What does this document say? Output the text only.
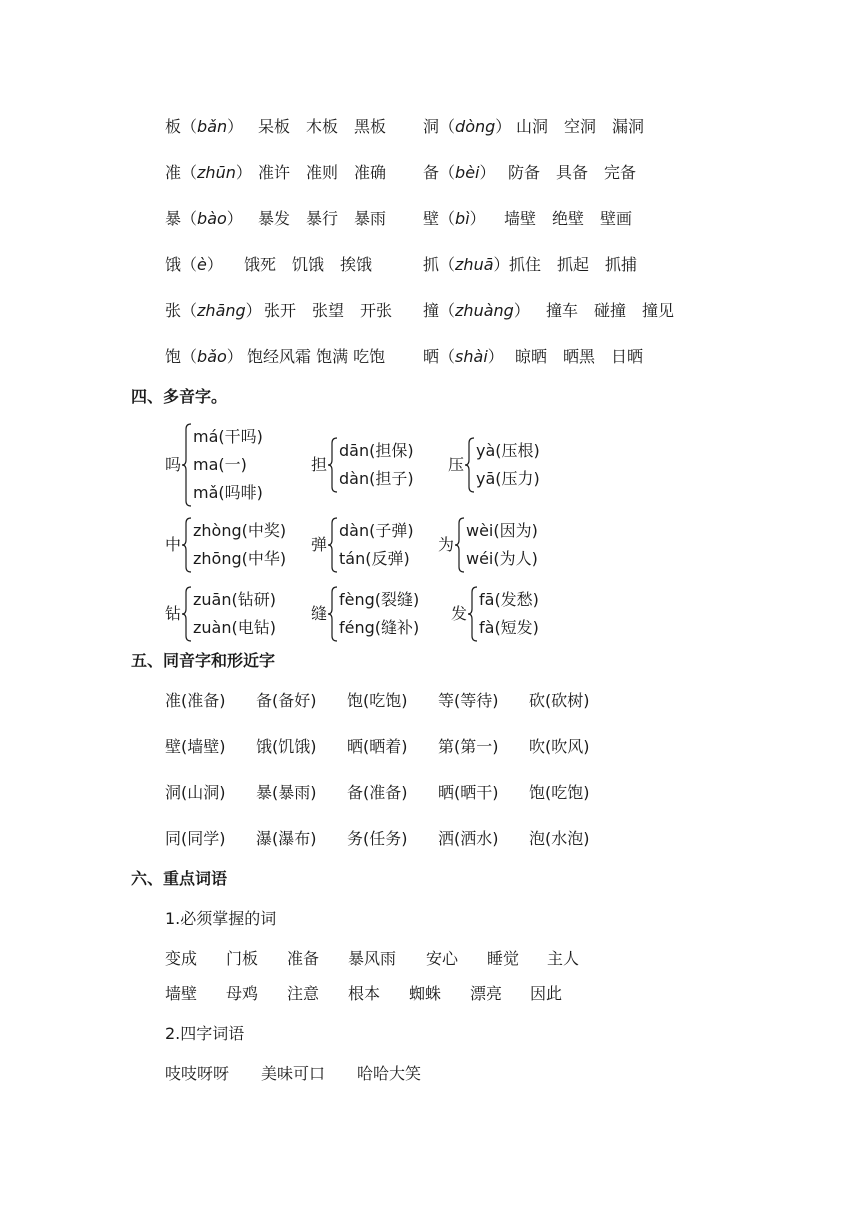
板（bǎn） 呆板　木板　黑板 洞（dòng） 山洞　空洞　漏洞
准（zhūn） 准许　准则　准确 备（bèi） 防备　具备　完备
暴（bào） 暴发　暴行　暴雨 壁（bì） 墙壁　绝壁　壁画
饿（è） 饿死　饥饿　挨饿	抓（zhuā） 抓住　抓起　抓捕
张（zhāng） 张开　张望　开张 撞（zhuàng） 撞车　碰撞　撞见
饱（bǎo） 饱经风霜 饱满 吃饱 晒（shài） 晾晒　晒黑　日晒
四、多音字。
吗
má(干吗)
ma(一)
mǎ(吗啡)
担
dān(担保)
dàn(担子)
压
yà(压根)
yā(压力)
中
zhòng(中奖)
zhōng(中华)
弹
dàn(子弹)
tán(反弹)
为
wèi(因为)
wéi(为人)
钻
zuān(钻研)
zuàn(电钻)
缝
fèng(裂缝)
féng(缝补)
发
fā(发愁)
fà(短发)
五、同音字和形近字
准(准备) 备(备好) 饱(吃饱) 等(等待) 砍(砍树)
壁(墙壁) 饿(饥饿) 晒(晒着) 第(第一) 吹(吹风)
洞(山洞) 暴(暴雨) 备(准备) 晒(晒干) 饱(吃饱)
同(同学) 瀑(瀑布) 务(任务) 洒(洒水) 泡(水泡)
六、重点词语
1.必须掌握的词
变成 门板 准备 暴风雨 安心 睡觉 主人
墙壁 母鸡 注意 根本 蜘蛛 漂亮 因此
2.四字词语
吱吱呀呀 美味可口 哈哈大笑
